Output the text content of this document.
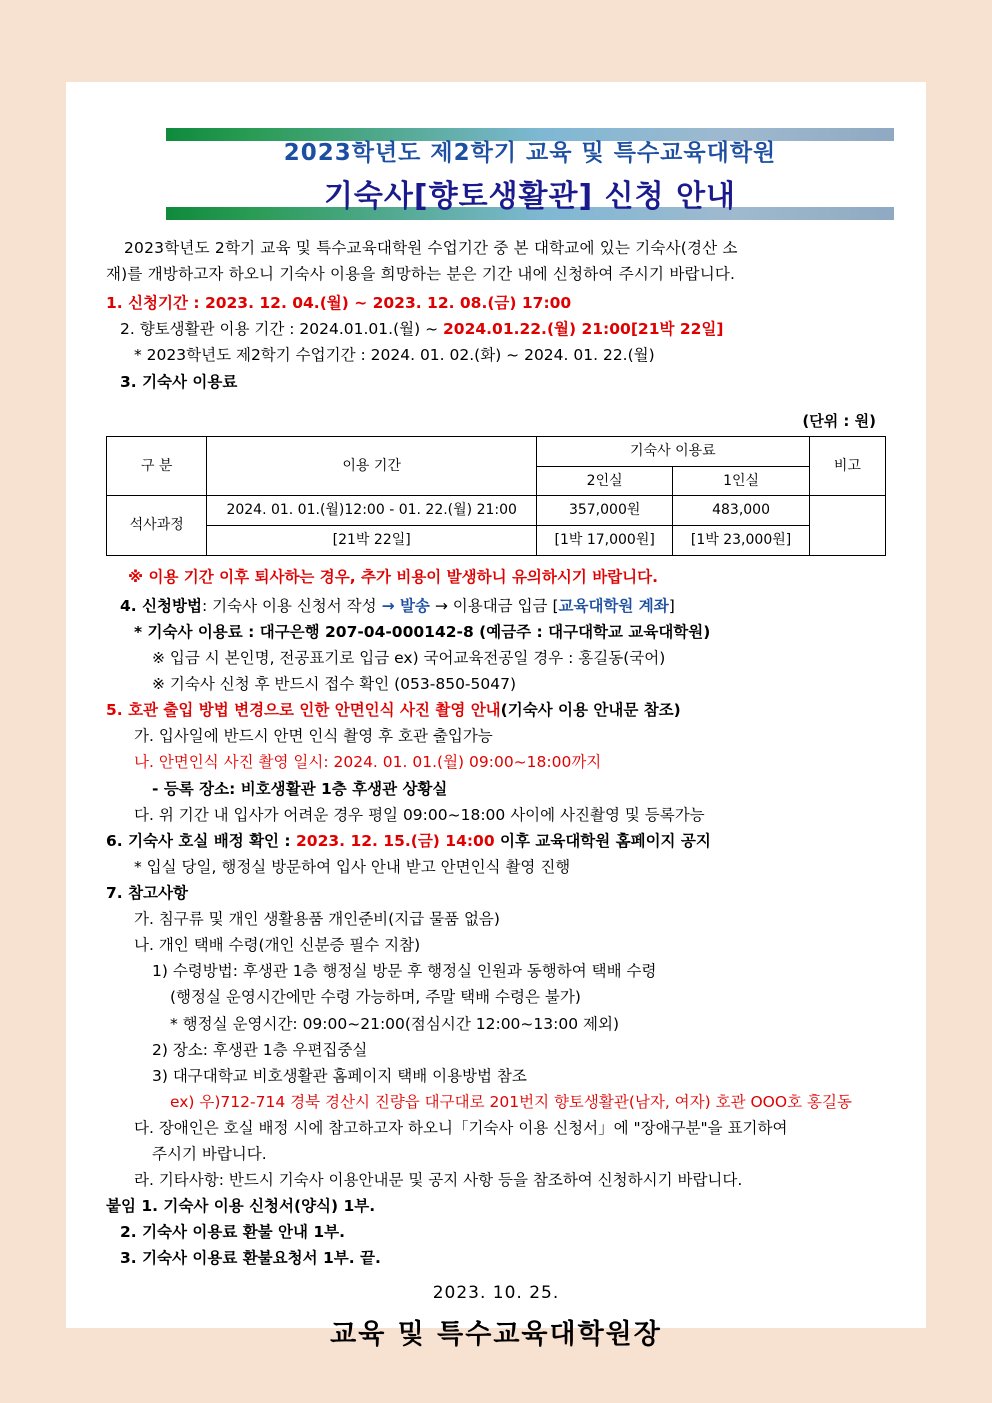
2023학년도 제2학기 교육 및 특수교육대학원
기숙사[향토생활관] 신청 안내
2023학년도 2학기 교육 및 특수교육대학원 수업기간 중 본 대학교에 있는 기숙사(경산 소
재)를 개방하고자 하오니 기숙사 이용을 희망하는 분은 기간 내에 신청하여 주시기 바랍니다.
1. 신청기간 : 2023. 12. 04.(월) ~ 2023. 12. 08.(금) 17:00
2. 향토생활관 이용 기간 : 2024.01.01.(월) ~ 2024.01.22.(월) 21:00[21박 22일]
* 2023학년도 제2학기 수업기간 : 2024. 01. 02.(화) ~ 2024. 01. 22.(월)
3. 기숙사 이용료
(단위 : 원)
구 분	이용 기간	기숙사 이용료		비고
		2인실	1인실	
석사과정	2024. 01. 01.(월)12:00 - 01. 22.(월) 21:00	357,000원	483,000	
	[21박 22일]	[1박 17,000원]	[1박 23,000원]	
※ 이용 기간 이후 퇴사하는 경우, 추가 비용이 발생하니 유의하시기 바랍니다.
4. 신청방법: 기숙사 이용 신청서 작성 → 발송 → 이용대금 입금 [교육대학원 계좌]
* 기숙사 이용료 : 대구은행 207-04-000142-8 (예금주 : 대구대학교 교육대학원)
※ 입금 시 본인명, 전공표기로 입금 ex) 국어교육전공일 경우 : 홍길동(국어)
※ 기숙사 신청 후 반드시 접수 확인 (053-850-5047)
5. 호관 출입 방법 변경으로 인한 안면인식 사진 촬영 안내(기숙사 이용 안내문 참조)
가. 입사일에 반드시 안면 인식 촬영 후 호관 출입가능
나. 안면인식 사진 촬영 일시: 2024. 01. 01.(월) 09:00~18:00까지
- 등록 장소: 비호생활관 1층 후생관 상황실
다. 위 기간 내 입사가 어려운 경우 평일 09:00~18:00 사이에 사진촬영 및 등록가능
6. 기숙사 호실 배정 확인 : 2023. 12. 15.(금) 14:00 이후 교육대학원 홈페이지 공지
* 입실 당일, 행정실 방문하여 입사 안내 받고 안면인식 촬영 진행
7. 참고사항
가. 침구류 및 개인 생활용품 개인준비(지급 물품 없음)
나. 개인 택배 수령(개인 신분증 필수 지참)
1) 수령방법: 후생관 1층 행정실 방문 후 행정실 인원과 동행하여 택배 수령
(행정실 운영시간에만 수령 가능하며, 주말 택배 수령은 불가)
* 행정실 운영시간: 09:00~21:00(점심시간 12:00~13:00 제외)
2) 장소: 후생관 1층 우편집중실
3) 대구대학교 비호생활관 홈페이지 택배 이용방법 참조
ex) 우)712-714 경북 경산시 진량읍 대구대로 201번지 향토생활관(남자, 여자) 호관 OOO호 홍길동
다. 장애인은 호실 배정 시에 참고하고자 하오니「기숙사 이용 신청서」에 "장애구분"을 표기하여
주시기 바랍니다.
라. 기타사항: 반드시 기숙사 이용안내문 및 공지 사항 등을 참조하여 신청하시기 바랍니다.
붙임 1. 기숙사 이용 신청서(양식) 1부.
2. 기숙사 이용료 환불 안내 1부.
3. 기숙사 이용료 환불요청서 1부. 끝.
2023. 10. 25.
교육 및 특수교육대학원장
